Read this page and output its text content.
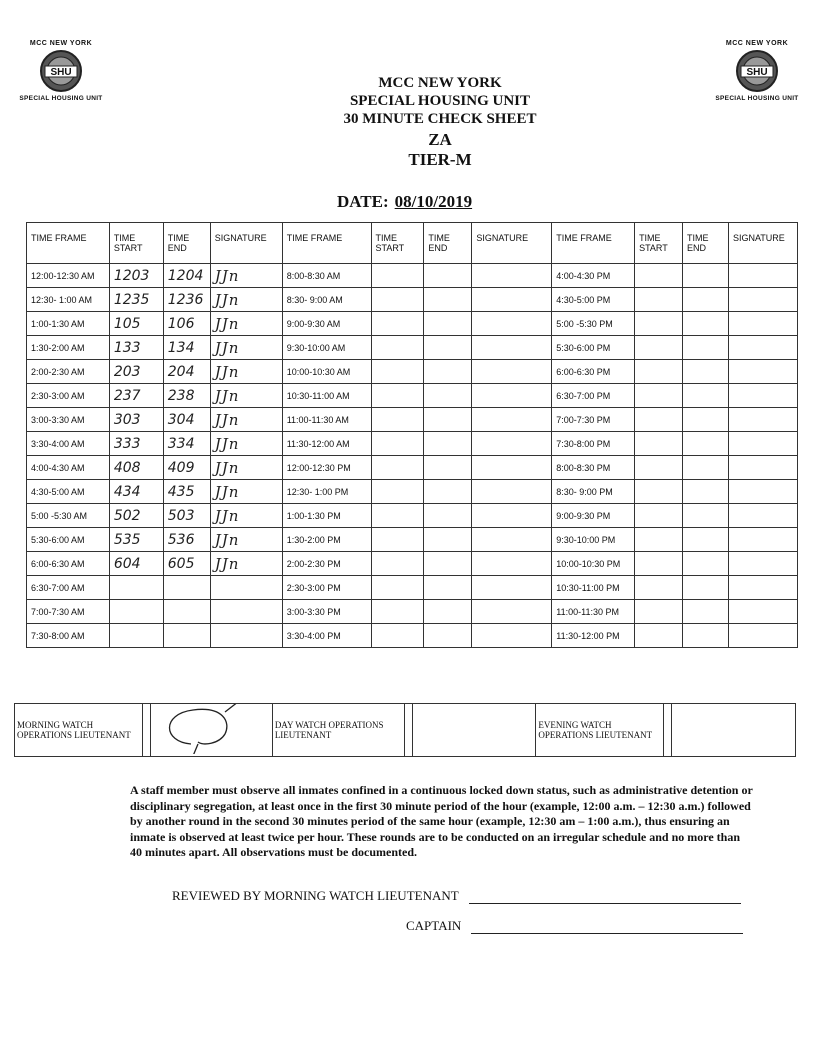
MCC NEW YORK
SHU
SPECIAL HOUSING UNIT
MCC NEW YORK
SHU
SPECIAL HOUSING UNIT
MCC NEW YORK
SPECIAL HOUSING UNIT
30 MINUTE CHECK SHEET
ZA
TIER-M
DATE: 08/10/2019
TIME FRAME	TIME START	TIME END	SIGNATURE	TIME FRAME	TIME START	TIME END	SIGNATURE	TIME FRAME	TIME START	TIME END	SIGNATURE
12:00-12:30 AM	1203	1204	JJn	8:00-8:30 AM				4:00-4:30 PM			
12:30- 1:00 AM	1235	1236	JJn	8:30- 9:00 AM				4:30-5:00 PM			
1:00-1:30 AM	105	106	JJn	9:00-9:30 AM				5:00 -5:30 PM			
1:30-2:00 AM	133	134	JJn	9:30-10:00 AM				5:30-6:00 PM			
2:00-2:30 AM	203	204	JJn	10:00-10:30 AM				6:00-6:30 PM			
2:30-3:00 AM	237	238	JJn	10:30-11:00 AM				6:30-7:00 PM			
3:00-3:30 AM	303	304	JJn	11:00-11:30 AM				7:00-7:30 PM			
3:30-4:00 AM	333	334	JJn	11:30-12:00 AM				7:30-8:00 PM			
4:00-4:30 AM	408	409	JJn	12:00-12:30 PM				8:00-8:30 PM			
4:30-5:00 AM	434	435	JJn	12:30- 1:00 PM				8:30- 9:00 PM			
5:00 -5:30 AM	502	503	JJn	1:00-1:30 PM				9:00-9:30 PM			
5:30-6:00 AM	535	536	JJn	1:30-2:00 PM				9:30-10:00 PM			
6:00-6:30 AM	604	605	JJn	2:00-2:30 PM				10:00-10:30 PM			
6:30-7:00 AM				2:30-3:00 PM				10:30-11:00 PM			
7:00-7:30 AM				3:00-3:30 PM				11:00-11:30 PM			
7:30-8:00 AM				3:30-4:00 PM				11:30-12:00 PM			
MORNING WATCH OPERATIONS LIEUTENANT			DAY WATCH OPERATIONS LIEUTENANT			EVENING WATCH OPERATIONS LIEUTENANT		
A staff member must observe all inmates confined in a continuous locked down status, such as administrative detention or disciplinary segregation, at least once in the first 30 minute period of the hour (example, 12:00 a.m. – 12:30 a.m.) followed by another round in the second 30 minutes period of the same hour (example, 12:30 am – 1:00 a.m.), thus ensuring an inmate is observed at least twice per hour. These rounds are to be conducted on an irregular schedule and no more than 40 minutes apart. All observations must be documented.
REVIEWED BY MORNING WATCH LIEUTENANT
CAPTAIN
